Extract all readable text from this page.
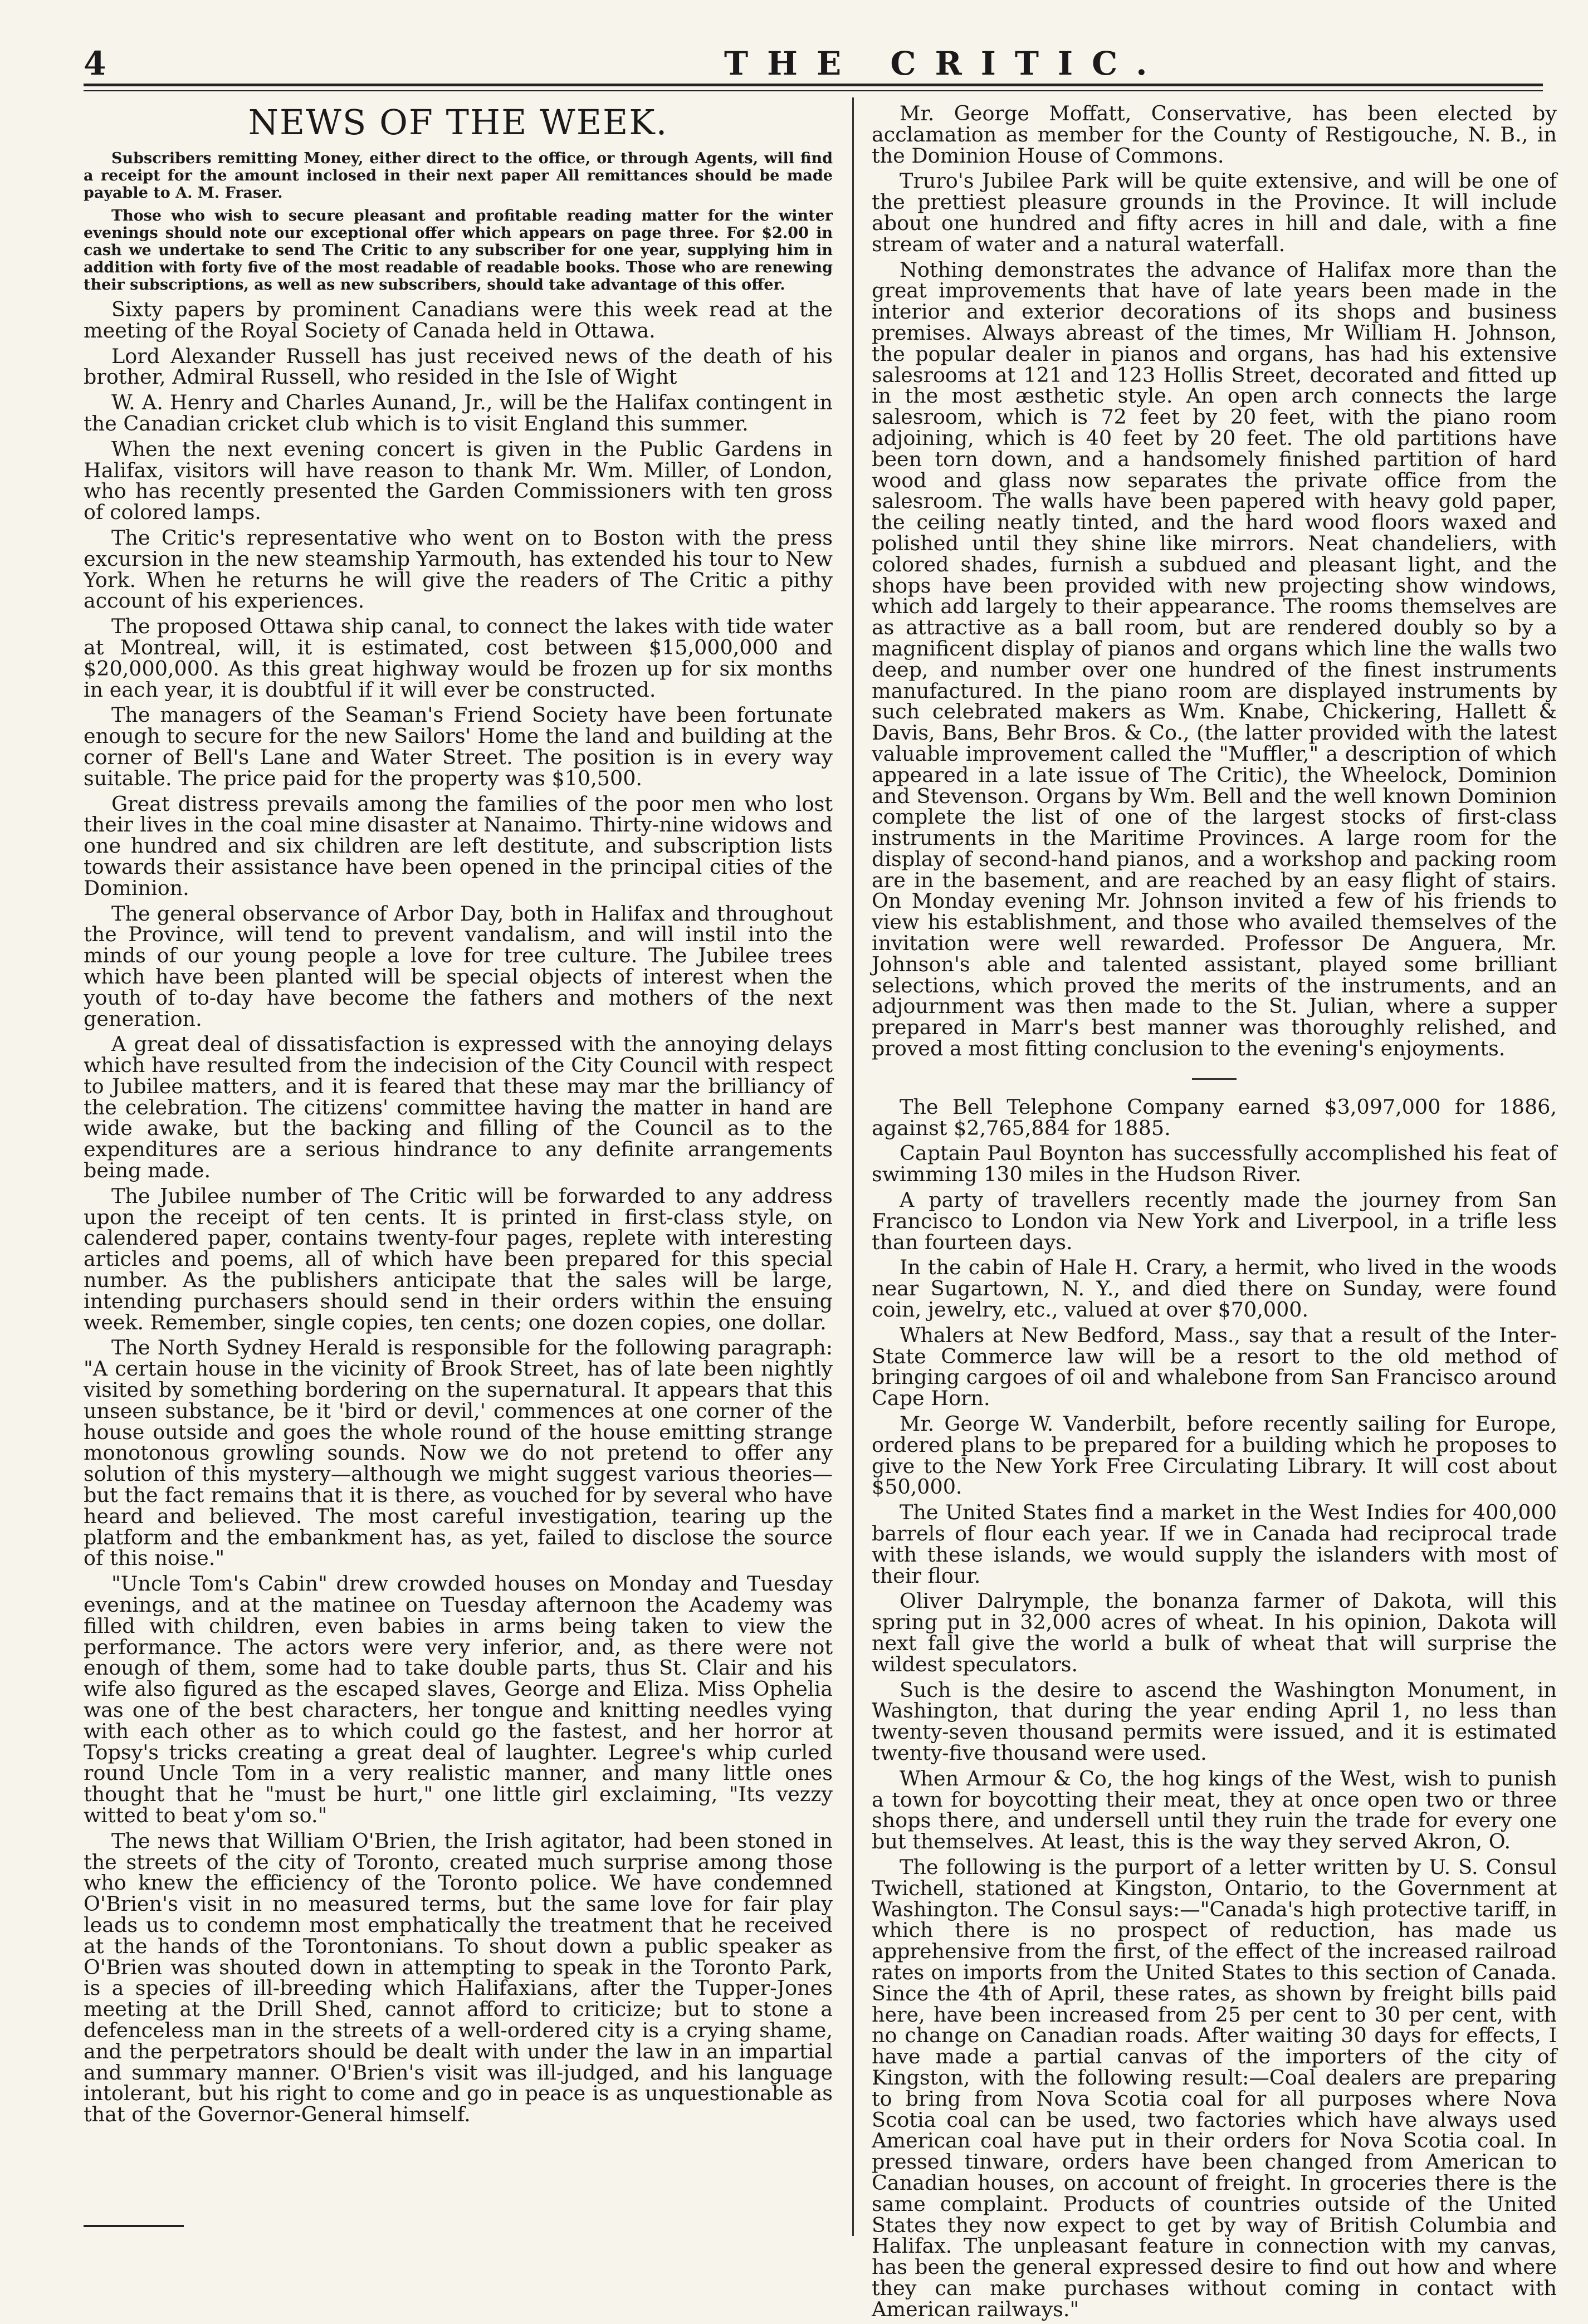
4	THE CRITIC.
NEWS OF THE WEEK.
Subscribers remitting Money, either direct to the office, or through Agents, will find a receipt for the amount inclosed in their next paper All remittances should be made payable to A. M. Fraser.
Those who wish to secure pleasant and profitable reading matter for the winter evenings should note our exceptional offer which appears on page three. For $2.00 in cash we undertake to send The Critic to any subscriber for one year, supplying him in addition with forty five of the most readable of readable books. Those who are renewing their subscriptions, as well as new subscribers, should take advantage of this offer.

Sixty papers by prominent Canadians were this week read at the meeting of the Royal Society of Canada held in Ottawa.

Lord Alexander Russell has just received news of the death of his brother, Admiral Russell, who resided in the Isle of Wight

W. A. Henry and Charles Aunand, Jr., will be the Halifax contingent in the Canadian cricket club which is to visit England this summer.

When the next evening concert is given in the Public Gardens in Halifax, visitors will have reason to thank Mr. Wm. Miller, of London, who has recently presented the Garden Commissioners with ten gross of colored lamps.

The Critic's representative who went on to Boston with the press excursion in the new steamship Yarmouth, has extended his tour to New York. When he returns he will give the readers of The Critic a pithy account of his experiences.

The proposed Ottawa ship canal, to connect the lakes with tide water at Montreal, will, it is estimated, cost between $15,000,000 and $20,000,000. As this great highway would be frozen up for six months in each year, it is doubtful if it will ever be constructed.

The managers of the Seaman's Friend Society have been fortunate enough to secure for the new Sailors' Home the land and building at the corner of Bell's Lane and Water Street. The position is in every way suitable. The price paid for the property was $10,500.

Great distress prevails among the families of the poor men who lost their lives in the coal mine disaster at Nanaimo. Thirty-nine widows and one hundred and six children are left destitute, and subscription lists towards their assistance have been opened in the principal cities of the Dominion.

The general observance of Arbor Day, both in Halifax and throughout the Province, will tend to prevent vandalism, and will instil into the minds of our young people a love for tree culture. The Jubilee trees which have been planted will be special objects of interest when the youth of to-day have become the fathers and mothers of the next generation.

A great deal of dissatisfaction is expressed with the annoying delays which have resulted from the indecision of the City Council with respect to Jubilee matters, and it is feared that these may mar the brilliancy of the celebration. The citizens' committee having the matter in hand are wide awake, but the backing and filling of the Council as to the expenditures are a serious hindrance to any definite arrangements being made.

The Jubilee number of The Critic will be forwarded to any address upon the receipt of ten cents. It is printed in first-class style, on calendered paper, contains twenty-four pages, replete with interesting articles and poems, all of which have been prepared for this special number. As the publishers anticipate that the sales will be large, intending purchasers should send in their orders within the ensuing week. Remember, single copies, ten cents; one dozen copies, one dollar.

The North Sydney Herald is responsible for the following paragraph: "A certain house in the vicinity of Brook Street, has of late been nightly visited by something bordering on the supernatural. It appears that this unseen substance, be it 'bird or devil,' commences at one corner of the house outside and goes the whole round of the house emitting strange monotonous growling sounds. Now we do not pretend to offer any solution of this mystery—although we might suggest various theories—but the fact remains that it is there, as vouched for by several who have heard and believed. The most careful investigation, tearing up the platform and the embankment has, as yet, failed to disclose the source of this noise."

"Uncle Tom's Cabin" drew crowded houses on Monday and Tuesday evenings, and at the matinee on Tuesday afternoon the Academy was filled with children, even babies in arms being taken to view the performance. The actors were very inferior, and, as there were not enough of them, some had to take double parts, thus St. Clair and his wife also figured as the escaped slaves, George and Eliza. Miss Ophelia was one of the best characters, her tongue and knitting needles vying with each other as to which could go the fastest, and her horror at Topsy's tricks creating a great deal of laughter. Legree's whip curled round Uncle Tom in a very realistic manner, and many little ones thought that he "must be hurt," one little girl exclaiming, "Its vezzy witted to beat y'om so."

The news that William O'Brien, the Irish agitator, had been stoned in the streets of the city of Toronto, created much surprise among those who knew the efficiency of the Toronto police. We have condemned O'Brien's visit in no measured terms, but the same love for fair play leads us to condemn most emphatically the treatment that he received at the hands of the Torontonians. To shout down a public speaker as O'Brien was shouted down in attempting to speak in the Toronto Park, is a species of ill-breeding which Halifaxians, after the Tupper-Jones meeting at the Drill Shed, cannot afford to criticize; but to stone a defenceless man in the streets of a well-ordered city is a crying shame, and the perpetrators should be dealt with under the law in an impartial and summary manner. O'Brien's visit was ill-judged, and his language intolerant, but his right to come and go in peace is as unquestionable as that of the Governor-General himself.

Mr. George Moffatt, Conservative, has been elected by acclamation as member for the County of Restigouche, N. B., in the Dominion House of Commons.

Truro's Jubilee Park will be quite extensive, and will be one of the prettiest pleasure grounds in the Province. It will include about one hundred and fifty acres in hill and dale, with a fine stream of water and a natural waterfall.

Nothing demonstrates the advance of Halifax more than the great improvements that have of late years been made in the interior and exterior decorations of its shops and business premises. Always abreast of the times, Mr William H. Johnson, the popular dealer in pianos and organs, has had his extensive salesrooms at 121 and 123 Hollis Street, decorated and fitted up in the most æsthetic style. An open arch connects the large salesroom, which is 72 feet by 20 feet, with the piano room adjoining, which is 40 feet by 20 feet. The old partitions have been torn down, and a handsomely finished partition of hard wood and glass now separates the private office from the salesroom. The walls have been papered with heavy gold paper, the ceiling neatly tinted, and the hard wood floors waxed and polished until they shine like mirrors. Neat chandeliers, with colored shades, furnish a subdued and pleasant light, and the shops have been provided with new projecting show windows, which add largely to their appearance. The rooms themselves are as attractive as a ball room, but are rendered doubly so by a magnificent display of pianos and organs which line the walls two deep, and number over one hundred of the finest instruments manufactured. In the piano room are displayed instruments by such celebrated makers as Wm. Knabe, Chickering, Hallett & Davis, Bans, Behr Bros. & Co., (the latter provided with the latest valuable improvement called the "Muffler," a description of which appeared in a late issue of The Critic), the Wheelock, Dominion and Stevenson. Organs by Wm. Bell and the well known Dominion complete the list of one of the largest stocks of first-class instruments in the Maritime Provinces. A large room for the display of second-hand pianos, and a workshop and packing room are in the basement, and are reached by an easy flight of stairs. On Monday evening Mr. Johnson invited a few of his friends to view his establishment, and those who availed themselves of the invitation were well rewarded. Professor De Anguera, Mr. Johnson's able and talented assistant, played some brilliant selections, which proved the merits of the instruments, and an adjournment was then made to the St. Julian, where a supper prepared in Marr's best manner was thoroughly relished, and proved a most fitting conclusion to the evening's enjoyments.

The Bell Telephone Company earned $3,097,000 for 1886, against $2,765,884 for 1885.

Captain Paul Boynton has successfully accomplished his feat of swimming 130 miles in the Hudson River.

A party of travellers recently made the journey from San Francisco to London via New York and Liverpool, in a trifle less than fourteen days.

In the cabin of Hale H. Crary, a hermit, who lived in the woods near Sugartown, N. Y., and died there on Sunday, were found coin, jewelry, etc., valued at over $70,000.

Whalers at New Bedford, Mass., say that a result of the Inter-State Commerce law will be a resort to the old method of bringing cargoes of oil and whalebone from San Francisco around Cape Horn.

Mr. George W. Vanderbilt, before recently sailing for Europe, ordered plans to be prepared for a building which he proposes to give to the New York Free Circulating Library. It will cost about $50,000.

The United States find a market in the West Indies for 400,000 barrels of flour each year. If we in Canada had reciprocal trade with these islands, we would supply the islanders with most of their flour.

Oliver Dalrymple, the bonanza farmer of Dakota, will this spring put in 32,000 acres of wheat. In his opinion, Dakota will next fall give the world a bulk of wheat that will surprise the wildest speculators.

Such is the desire to ascend the Washington Monument, in Washington, that during the year ending April 1, no less than twenty-seven thousand permits were issued, and it is estimated twenty-five thousand were used.

When Armour & Co, the hog kings of the West, wish to punish a town for boycotting their meat, they at once open two or three shops there, and undersell until they ruin the trade for every one but themselves. At least, this is the way they served Akron, O.

The following is the purport of a letter written by U. S. Consul Twichell, stationed at Kingston, Ontario, to the Government at Washington. The Consul says:—"Canada's high protective tariff, in which there is no prospect of reduction, has made us apprehensive from the first, of the effect of the increased railroad rates on imports from the United States to this section of Canada. Since the 4th of April, these rates, as shown by freight bills paid here, have been increased from 25 per cent to 30 per cent, with no change on Canadian roads. After waiting 30 days for effects, I have made a partial canvas of the importers of the city of Kingston, with the following result:—Coal dealers are preparing to bring from Nova Scotia coal for all purposes where Nova Scotia coal can be used, two factories which have always used American coal have put in their orders for Nova Scotia coal. In pressed tinware, orders have been changed from American to Canadian houses, on account of freight. In groceries there is the same complaint. Products of countries outside of the United States they now expect to get by way of British Columbia and Halifax. The unpleasant feature in connection with my canvas, has been the general expressed desire to find out how and where they can make purchases without coming in contact with American railways."
